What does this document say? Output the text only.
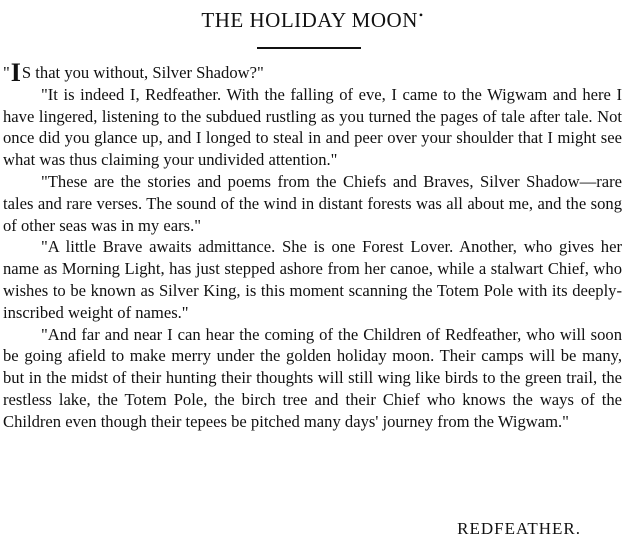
THE HOLIDAY MOON•

"IS that you without, Silver Shadow?"

"It is indeed I, Redfeather. With the falling of eve, I came to the Wigwam and here I have lingered, listening to the subdued rustling as you turned the pages of tale after tale. Not once did you glance up, and I longed to steal in and peer over your shoulder that I might see what was thus claiming your undivided attention."

"These are the stories and poems from the Chiefs and Braves, Silver Shadow—rare tales and rare verses. The sound of the wind in distant forests was all about me, and the song of other seas was in my ears."

"A little Brave awaits admittance. She is one Forest Lover. Another, who gives her name as Morning Light, has just stepped ashore from her canoe, while a stalwart Chief, who wishes to be known as Silver King, is this moment scanning the Totem Pole with its deeply-inscribed weight of names."

"And far and near I can hear the coming of the Children of Redfeather, who will soon be going afield to make merry under the golden holiday moon. Their camps will be many, but in the midst of their hunting their thoughts will still wing like birds to the green trail, the restless lake, the Totem Pole, the birch tree and their Chief who knows the ways of the Children even though their tepees be pitched many days' journey from the Wigwam."

REDFEATHER.
